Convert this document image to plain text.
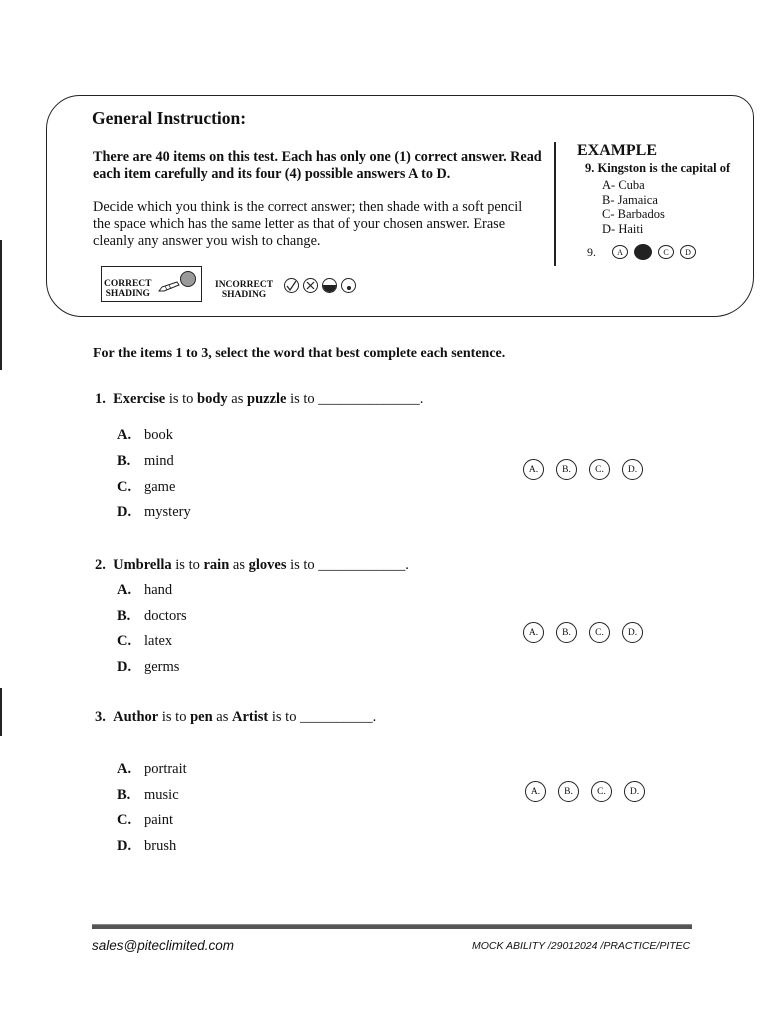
General Instruction:
There are 40 items on this test. Each has only one (1) correct answer. Read each item carefully and its four (4) possible answers A to D.
Decide which you think is the correct answer; then shade with a soft pencil the space which has the same letter as that of your chosen answer. Erase cleanly any answer you wish to change.
EXAMPLE
9. Kingston is the capital of
A- Cuba
B- Jamaica
C- Barbados
D- Haiti
9.	A	C	D
CORRECT
SHADING
INCORRECT
SHADING
For the items 1 to 3, select the word that best complete each sentence.
1. Exercise is to body as puzzle is to ______________.
A. book
B. mind
C. game
D. mystery
A.	B.	C.	D.
2. Umbrella is to rain as gloves is to ____________.
A. hand
B. doctors
C. latex
D. germs
A.	B.	C.	D.
3. Author is to pen as Artist is to __________.
A. portrait
B. music
C. paint
D. brush
A.	B.	C.	D.
sales@piteclimited.com	MOCK ABILITY /29012024 /PRACTICE/PITEC
